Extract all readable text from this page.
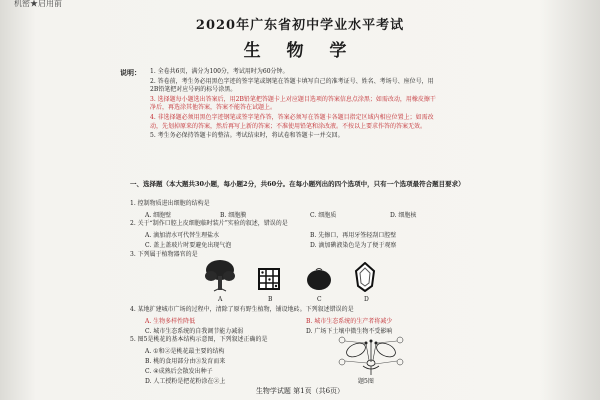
机密★启用前
2020年广东省初中学业水平考试
生 物 学
说明： 1. 全卷共6页，满分为100分，考试用时为60分钟。
2. 答卷前，考生务必用黑色字迹的签字笔或钢笔在答题卡填写自己的准考证号、姓名、考场号、座位号，用2B铅笔把对应号码的标号涂黑。
3. 选择题每小题选出答案后，用2B铅笔把答题卡上对应题目选项的答案信息点涂黑；如需改动，用橡皮擦干净后，再选涂其他答案，答案不能答在试题上。
4. 非选择题必须用黑色字迹钢笔或签字笔作答，答案必须写在答题卡各题目指定区域内相应位置上；如需改动，先划掉原来的答案，然后再写上新的答案；不准使用铅笔和涂改液。不按以上要求作答的答案无效。
5. 考生务必保持答题卡的整洁。考试结束时，将试卷和答题卡一并交回。
一、选择题（本大题共30小题，每小题2分，共60分。在每小题列出的四个选项中，只有一个选项最符合题目要求）
1. 控制物质进出细胞的结构是
A. 细胞壁	B. 细胞膜	C. 细胞质	D. 细胞核
2. 关于“制作口腔上皮细胞临时装片”实验的叙述，错误的是
A. 滴加清水可代替生理盐水	B. 先擦口，再用牙签轻刮口腔壁
C. 盖上盖玻片时要避免出现气泡	D. 滴加碘液染色是为了便于观察
3. 下列属于植物器官的是
A	B	C	D
4. 某地扩建城市广场的过程中，清除了原有野生植物，铺设地砖。下列叙述错误的是
A. 生物多样性降低	B. 城市生态系统的生产者将减少
C. 城市生态系统的自我调节能力减弱	D. 广场下土壤中微生物不受影响
5. 图5是桃花的基本结构示意图，下列叙述正确的是
A. ①和②是桃花最主要的结构
B. 桃的食用部分由③发育而来
C. ④成熟后会散发出种子
D. 人工授粉是把花粉涂在②上	题5图
生物学试题 第1页（共6页）
